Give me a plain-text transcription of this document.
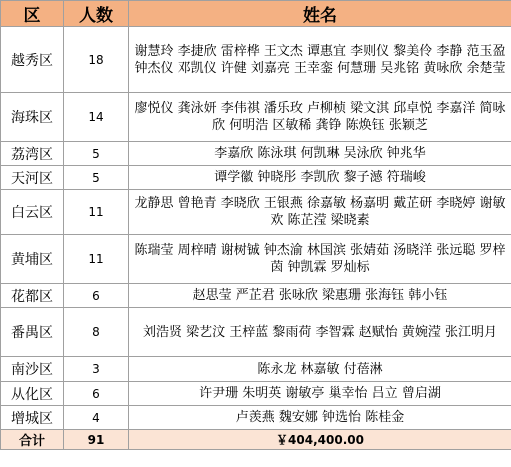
区	人数	姓名
越秀区	18	谢慧玲 李捷欣 雷梓桦 王文杰 谭惠宜 李则仪 黎美伶 李静 范玉盈 钟杰仪 邓凯仪 许健 刘嘉亮 王幸銮 何慧珊 吴兆铭 黄咏欣 余楚莹
海珠区	14	廖悦仪 龚泳妍 李伟祺 潘乐玫 卢柳桢 梁文淇 邱卓悦 李嘉洋 简咏欣 何明浩 区敏稀 龚铮 陈焕钰 张颖芝
荔湾区	5	李嘉欣 陈泳琪 何凯琳 吴泳欣 钟兆华
天河区	5	谭学徽 钟晓彤 李凯欣 黎子澸 符瑞峻
白云区	11	龙静思 曾艳青 李晓欣 王银燕 徐嘉敏 杨嘉明 戴芷研 李晓婷 谢敏欢 陈芷滢 梁晓素
黄埔区	11	陈瑞莹 周梓晴 谢树铖 钟杰渝 林国滨 张婧茹 汤晓洋 张远聪 罗梓茵 钟凯霖 罗灿标
花都区	6	赵思莹 严芷君 张咏欣 梁惠珊 张海钰 韩小钰
番禺区	8	刘浩贤 梁艺汶 王梓蓝 黎雨荷 李智霖 赵赋怡 黄婉滢 张江明月
南沙区	3	陈永龙 林嘉敏 付蓓淋
从化区	6	许尹珊 朱明英 谢敏亭 巢幸怡 吕立 曾启湖
增城区	4	卢羡燕 魏安娜 钟选怡 陈桂金
合计	91	￥404,400.00
